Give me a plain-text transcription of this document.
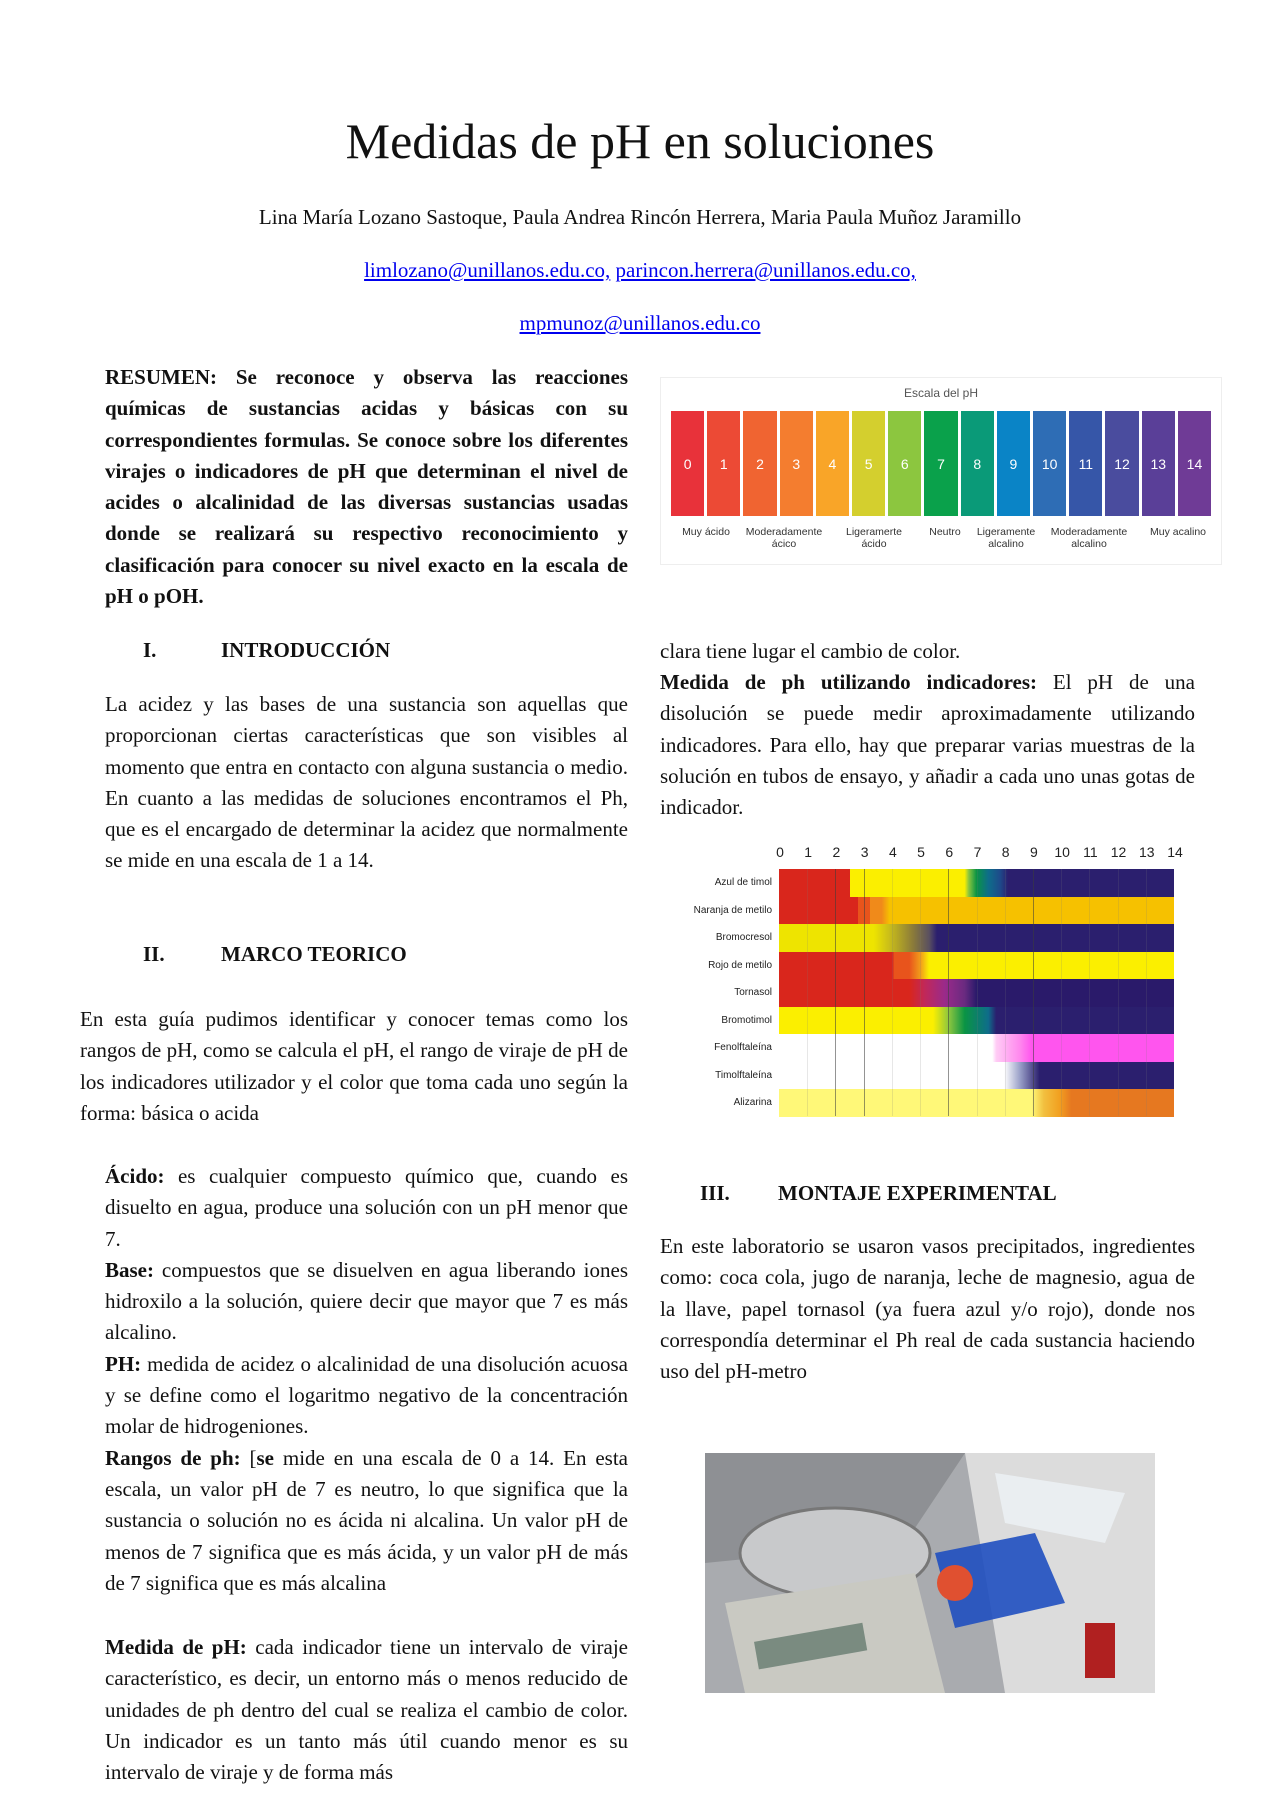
Medidas de pH en soluciones
Lina María Lozano Sastoque, Paula Andrea Rincón Herrera, Maria Paula Muñoz Jaramillo
limlozano@unillanos.edu.co, parincon.herrera@unillanos.edu.co,
mpmunoz@unillanos.edu.co

RESUMEN: Se reconoce y observa las reacciones químicas de sustancias acidas y básicas con su correspondientes formulas. Se conoce sobre los diferentes virajes o indicadores de pH que determinan el nivel de acides o alcalinidad de las diversas sustancias usadas donde se realizará su respectivo reconocimiento y clasificación para conocer su nivel exacto en la escala de pH o pOH.

I.	INTRODUCCIÓN

La acidez y las bases de una sustancia son aquellas que proporcionan ciertas características que son visibles al momento que entra en contacto con alguna sustancia o medio. En cuanto a las medidas de soluciones encontramos el Ph, que es el encargado de determinar la acidez que normalmente se mide en una escala de 1 a 14.

II.	MARCO TEORICO

En esta guía pudimos identificar y conocer temas como los rangos de pH, como se calcula el pH, el rango de viraje de pH de los indicadores utilizador y el color que toma cada uno según la forma: básica o acida

Ácido: es cualquier compuesto químico que, cuando es disuelto en agua, produce una solución con un pH menor que 7.

Base: compuestos que se disuelven en agua liberando iones hidroxilo a la solución, quiere decir que mayor que 7 es más alcalino.

PH: medida de acidez o alcalinidad de una disolución acuosa y se define como el logaritmo negativo de la concentración molar de hidrogeniones.

Rangos de ph: [se mide en una escala de 0 a 14. En esta escala, un valor pH de 7 es neutro, lo que significa que la sustancia o solución no es ácida ni alcalina. Un valor pH de menos de 7 significa que es más ácida, y un valor pH de más de 7 significa que es más alcalina

Medida de pH: cada indicador tiene un intervalo de viraje característico, es decir, un entorno más o menos reducido de unidades de ph dentro del cual se realiza el cambio de color. Un indicador es un tanto más útil cuando menor es su intervalo de viraje y de forma más

Escala del pH
0	1	2	3	4	5	6	7	8	9	10	11	12	13	14
Muy ácido	Moderadamente ácico
Ligeramerte ácido
Neutro	Ligeramente alcalino
Moderadamente alcalino
Muy acalino

clara tiene lugar el cambio de color.

Medida de ph utilizando indicadores: El pH de una disolución se puede medir aproximadamente utilizando indicadores. Para ello, hay que preparar varias muestras de la solución en tubos de ensayo, y añadir a cada uno unas gotas de indicador.

0 1 2 3 4 5 6 7 8 9 10 11 12 13 14
Azul de timol
Naranja de metilo
Bromocresol
Rojo de metilo
Tornasol
Bromotimol
Fenolftaleína
Timolftaleína
Alizarina
III. MONTAJE EXPERIMENTAL

En este laboratorio se usaron vasos precipitados, ingredientes como: coca cola, jugo de naranja, leche de magnesio, agua de la llave, papel tornasol (ya fuera azul y/o rojo), donde nos correspondía determinar el Ph real de cada sustancia haciendo uso del pH-metro
